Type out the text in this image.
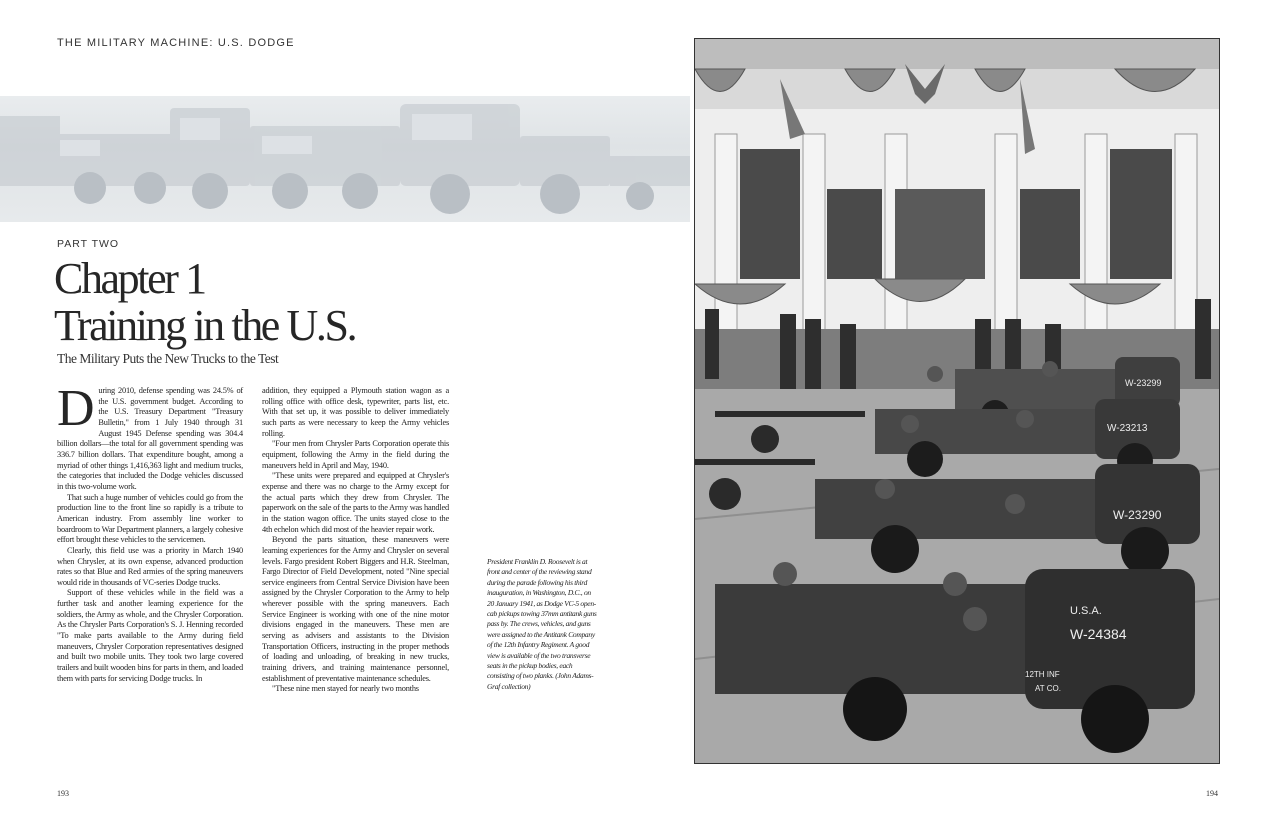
THE MILITARY MACHINE: U.S. DODGE
PART TWO
Chapter 1
Training in the U.S.
The Military Puts the New Trucks to the Test

During 2010, defense spending was 24.5% of the U.S. government budget. According to the U.S. Treasury Department "Treasury Bulletin," from 1 July 1940 through 31 August 1945 Defense spending was 304.4 billion dollars—the total for all government spending was 336.7 billion dollars. That expenditure bought, among a myriad of other things 1,416,363 light and medium trucks, the categories that included the Dodge vehicles discussed in this two-volume work.

That such a huge number of vehicles could go from the production line to the front line so rapidly is a tribute to American industry. From assembly line worker to boardroom to War Department planners, a largely cohesive effort brought these vehicles to the servicemen.

Clearly, this field use was a priority in March 1940 when Chrysler, at its own expense, advanced production rates so that Blue and Red armies of the spring maneuvers would ride in thousands of VC-series Dodge trucks.

Support of these vehicles while in the field was a further task and another learning experience for the soldiers, the Army as whole, and the Chrysler Corporation. As the Chrysler Parts Corporation's S. J. Henning recorded "To make parts available to the Army during field maneuvers, Chrysler Corporation representatives designed and built two mobile units. They took two large covered trailers and built wooden bins for parts in them, and loaded them with parts for servicing Dodge trucks. In

addition, they equipped a Plymouth station wagon as a rolling office with office desk, typewriter, parts list, etc. With that set up, it was possible to deliver immediately such parts as were necessary to keep the Army vehicles rolling.

"Four men from Chrysler Parts Corporation operate this equipment, following the Army in the field during the maneuvers held in April and May, 1940.

"These units were prepared and equipped at Chrysler's expense and there was no charge to the Army except for the actual parts which they drew from Chrysler. The paperwork on the sale of the parts to the Army was handled in the station wagon office. The units stayed close to the 4th echelon which did most of the heavier repair work.

Beyond the parts situation, these maneuvers were learning experiences for the Army and Chrysler on several levels. Fargo president Robert Biggers and H.R. Steelman, Fargo Director of Field Development, noted "Nine special service engineers from Central Service Division have been assigned by the Chrysler Corporation to the Army to help wherever possible with the spring maneuvers. Each Service Engineer is working with one of the nine motor divisions engaged in the maneuvers. These men are serving as advisers and assistants to the Division Transportation Officers, instructing in the proper methods of loading and unloading, of breaking in new trucks, training drivers, and training maintenance personnel, establishment of preventative maintenance schedules.

"These nine men stayed for nearly two months

President Franklin D. Roosevelt is at front and center of the reviewing stand during the parade following his third inauguration, in Washington, D.C., on 20 January 1941, as Dodge VC-5 open-cab pickups towing 37mm antitank guns pass by. The crews, vehicles, and guns were assigned to the Antitank Company of the 12th Infantry Regiment. A good view is available of the two transverse seats in the pickup bodies, each consisting of two planks. (John Adams-Graf collection)
W-23299
W-23213
W-23290
U.S.A.
W-24384
12TH INF
AT CO.
193	194
